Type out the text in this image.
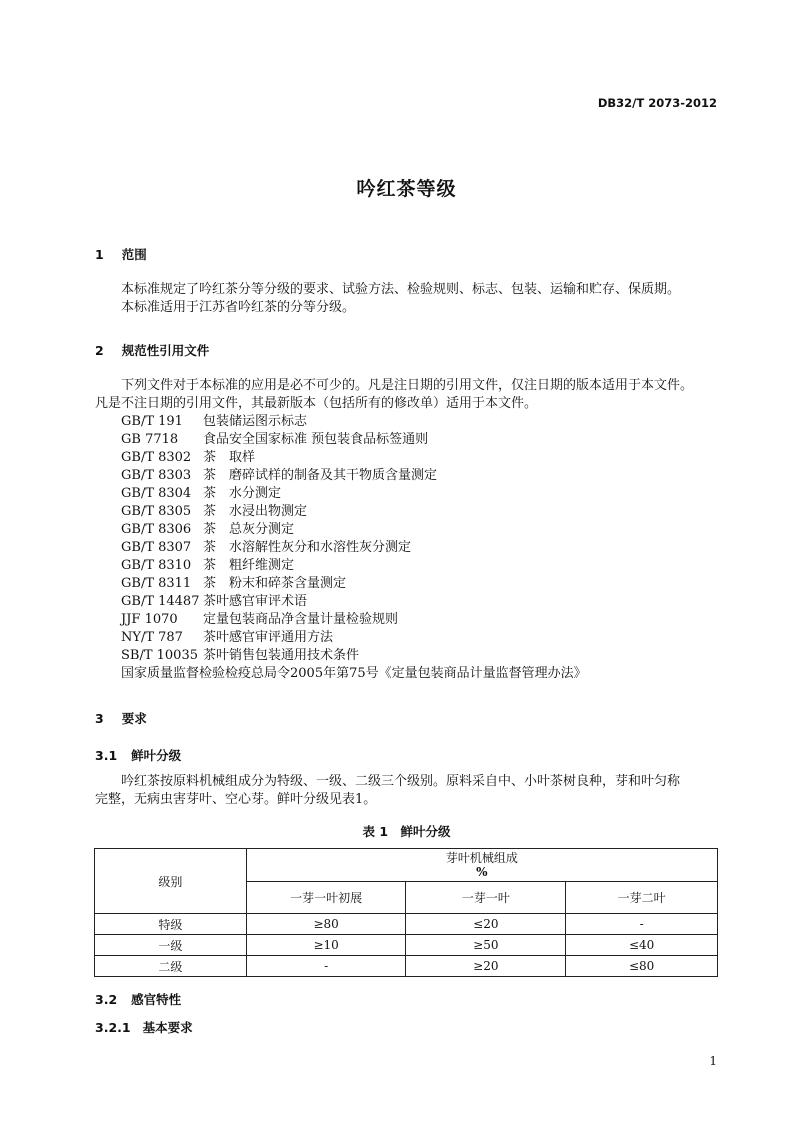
DB32/T 2073-2012
吟红茶等级
1 范围
本标准规定了吟红茶分等分级的要求、试验方法、检验规则、标志、包装、运输和贮存、保质期。
本标准适用于江苏省吟红茶的分等分级。
2 规范性引用文件
下列文件对于本标准的应用是必不可少的。凡是注日期的引用文件，仅注日期的版本适用于本文件。
凡是不注日期的引用文件，其最新版本（包括所有的修改单）适用于本文件。
GB/T 191 包装储运图示标志
GB 7718 食品安全国家标准 预包装食品标签通则
GB/T 8302 茶　取样
GB/T 8303 茶　磨碎试样的制备及其干物质含量测定
GB/T 8304 茶　水分测定
GB/T 8305 茶　水浸出物测定
GB/T 8306 茶　总灰分测定
GB/T 8307 茶　水溶解性灰分和水溶性灰分测定
GB/T 8310 茶　粗纤维测定
GB/T 8311 茶　粉末和碎茶含量测定
GB/T 14487 茶叶感官审评术语
JJF 1070 定量包装商品净含量计量检验规则
NY/T 787 茶叶感官审评通用方法
SB/T 10035 茶叶销售包装通用技术条件
国家质量监督检验检疫总局令2005年第75号《定量包装商品计量监督管理办法》
3 要求
3.1 鲜叶分级
吟红茶按原料机械组成分为特级、一级、二级三个级别。原料采自中、小叶茶树良种，芽和叶匀称
完整，无病虫害芽叶、空心芽。鲜叶分级见表1。
表 1　鲜叶分级
级别	芽叶机械组成
%		

	一芽一叶初展	一芽一叶	一芽二叶
特级	≥80	≤20	-
一级	≥10	≥50	≤40
二级	-	≥20	≤80
3.2 感官特性
3.2.1 基本要求
1
